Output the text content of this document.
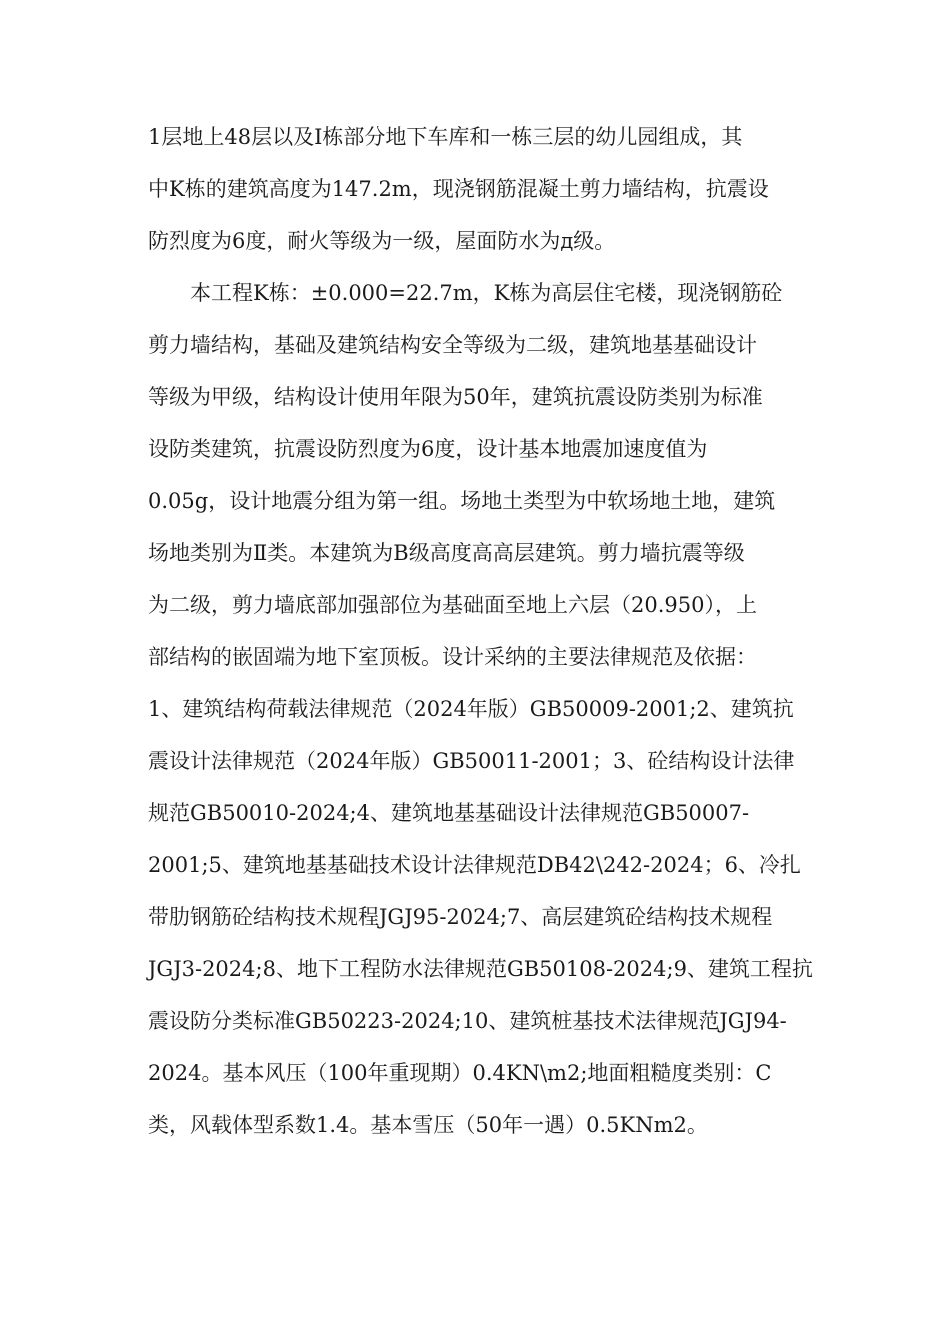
1层地上48层以及I栋部分地下车库和一栋三层的幼儿园组成，其
中K栋的建筑高度为147.2m，现浇钢筋混凝土剪力墙结构，抗震设
防烈度为6度，耐火等级为一级，屋面防水为д级。
本工程K栋：±0.000=22.7m，K栋为高层住宅楼，现浇钢筋砼
剪力墙结构，基础及建筑结构安全等级为二级，建筑地基基础设计
等级为甲级，结构设计使用年限为50年，建筑抗震设防类别为标准
设防类建筑，抗震设防烈度为6度，设计基本地震加速度值为
0.05g，设计地震分组为第一组。场地土类型为中软场地土地，建筑
场地类别为Ⅱ类。本建筑为B级高度高高层建筑。剪力墙抗震等级
为二级，剪力墙底部加强部位为基础面至地上六层（20.950），上
部结构的嵌固端为地下室顶板。设计采纳的主要法律规范及依据：
1、建筑结构荷载法律规范（2024年版）GB50009-2001;2、建筑抗
震设计法律规范（2024年版）GB50011-2001；3、砼结构设计法律
规范GB50010-2024;4、建筑地基基础设计法律规范GB50007-
2001;5、建筑地基基础技术设计法律规范DB42\242-2024；6、冷扎
带肋钢筋砼结构技术规程JGJ95-2024;7、高层建筑砼结构技术规程
JGJ3-2024;8、地下工程防水法律规范GB50108-2024;9、建筑工程抗
震设防分类标准GB50223-2024;10、建筑桩基技术法律规范JGJ94-
2024。基本风压（100年重现期）0.4KN\m2;地面粗糙度类别：C
类，风载体型系数1.4。基本雪压（50年一遇）0.5KNm2。
